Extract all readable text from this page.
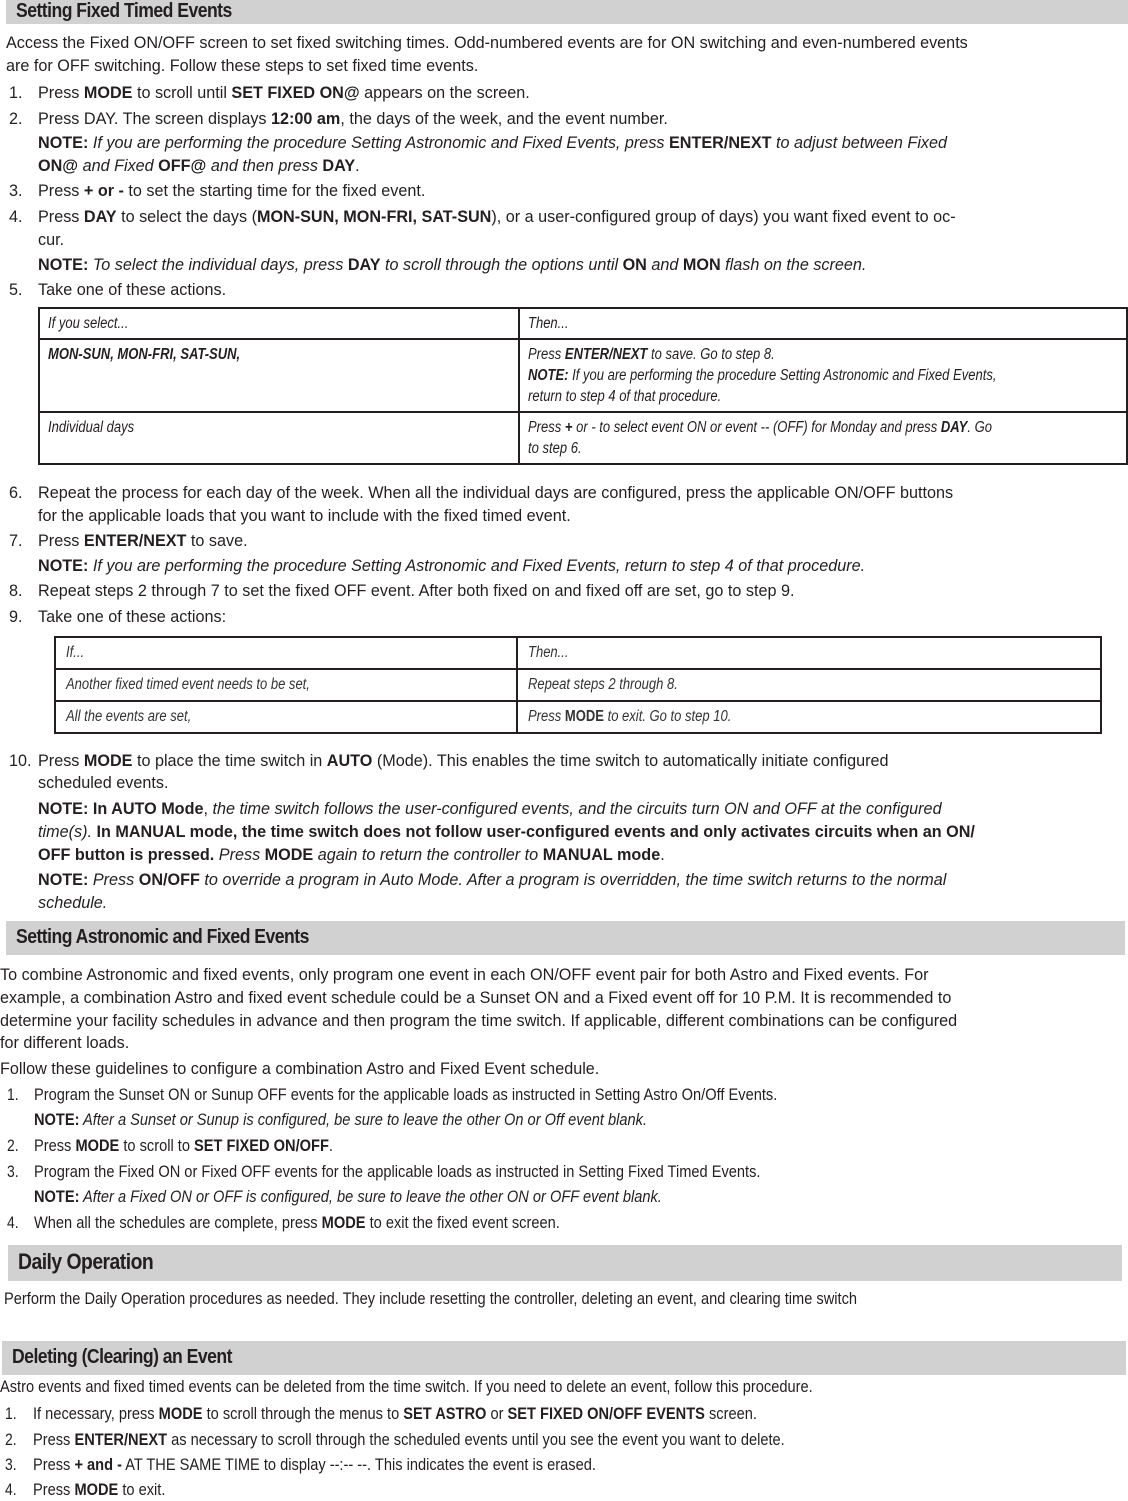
Setting Fixed Timed Events
Access the Fixed ON/OFF screen to set fixed switching times. Odd-numbered events are for ON switching and even-numbered events
are for OFF switching. Follow these steps to set fixed time events.
1. Press MODE to scroll until SET FIXED ON@ appears on the screen.
2. Press DAY. The screen displays 12:00 am, the days of the week, and the event number.
NOTE: If you are performing the procedure Setting Astronomic and Fixed Events, press ENTER/NEXT to adjust between Fixed
ON@ and Fixed OFF@ and then press DAY.
3. Press + or - to set the starting time for the fixed event.
4. Press DAY to select the days (MON-SUN, MON-FRI, SAT-SUN), or a user-configured group of days) you want fixed event to oc-
cur.
NOTE: To select the individual days, press DAY to scroll through the options until ON and MON flash on the screen.
5. Take one of these actions.
If you select...	Then...
MON-SUN, MON-FRI, SAT-SUN,	Press ENTER/NEXT to save. Go to step 8.
NOTE: If you are performing the procedure Setting Astronomic and Fixed Events,
return to step 4 of that procedure.
Individual days	Press + or - to select event ON or event -- (OFF) for Monday and press DAY. Go
to step 6.
6. Repeat the process for each day of the week. When all the individual days are configured, press the applicable ON/OFF buttons
for the applicable loads that you want to include with the fixed timed event.
7. Press ENTER/NEXT to save.
NOTE: If you are performing the procedure Setting Astronomic and Fixed Events, return to step 4 of that procedure.
8. Repeat steps 2 through 7 to set the fixed OFF event. After both fixed on and fixed off are set, go to step 9.
9. Take one of these actions:
If...	Then...
Another fixed timed event needs to be set,	Repeat steps 2 through 8.
All the events are set,	Press MODE to exit. Go to step 10.
10. Press MODE to place the time switch in AUTO (Mode). This enables the time switch to automatically initiate configured
scheduled events.
NOTE: In AUTO Mode, the time switch follows the user-configured events, and the circuits turn ON and OFF at the configured
time(s). In MANUAL mode, the time switch does not follow user-configured events and only activates circuits when an ON/
OFF button is pressed. Press MODE again to return the controller to MANUAL mode.
NOTE: Press ON/OFF to override a program in Auto Mode. After a program is overridden, the time switch returns to the normal
schedule.
Setting Astronomic and Fixed Events
To combine Astronomic and fixed events, only program one event in each ON/OFF event pair for both Astro and Fixed events. For
example, a combination Astro and fixed event schedule could be a Sunset ON and a Fixed event off for 10 P.M. It is recommended to
determine your facility schedules in advance and then program the time switch. If applicable, different combinations can be configured
for different loads.
Follow these guidelines to configure a combination Astro and Fixed Event schedule.
1. Program the Sunset ON or Sunup OFF events for the applicable loads as instructed in Setting Astro On/Off Events.
NOTE: After a Sunset or Sunup is configured, be sure to leave the other On or Off event blank.
2. Press MODE to scroll to SET FIXED ON/OFF.
3. Program the Fixed ON or Fixed OFF events for the applicable loads as instructed in Setting Fixed Timed Events.
NOTE: After a Fixed ON or OFF is configured, be sure to leave the other ON or OFF event blank.
4. When all the schedules are complete, press MODE to exit the fixed event screen.
Daily Operation
Perform the Daily Operation procedures as needed. They include resetting the controller, deleting an event, and clearing time switch
Deleting (Clearing) an Event
Astro events and fixed timed events can be deleted from the time switch. If you need to delete an event, follow this procedure.
1. If necessary, press MODE to scroll through the menus to SET ASTRO or SET FIXED ON/OFF EVENTS screen.
2. Press ENTER/NEXT as necessary to scroll through the scheduled events until you see the event you want to delete.
3. Press + and - AT THE SAME TIME to display --:-- --. This indicates the event is erased.
4. Press MODE to exit.
